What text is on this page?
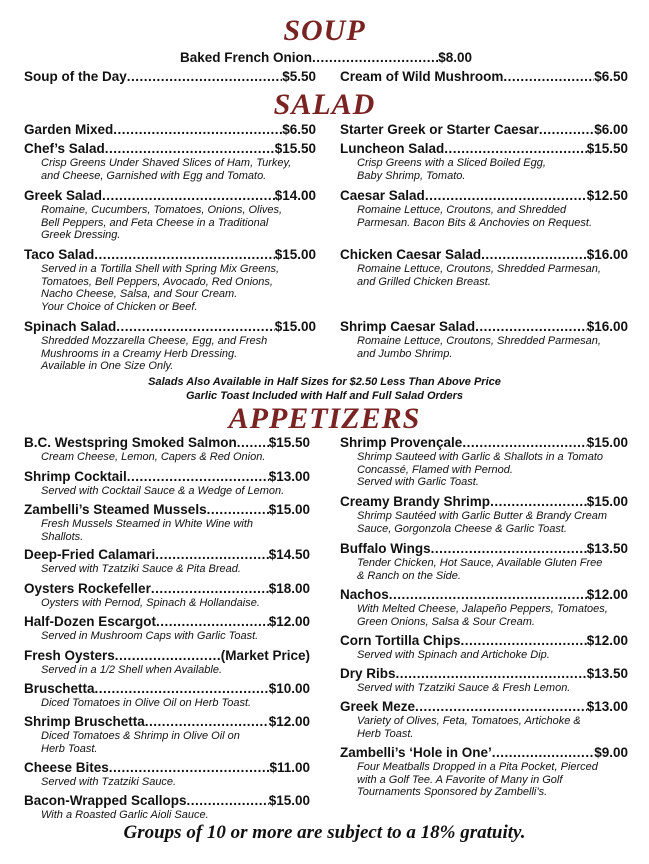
SOUP
Baked French Onion .....	$8.00
Soup of the Day .....	$5.50 Cream of Wild Mushroom .....	$6.50
SALAD
Garden Mixed .....	$6.50
Chef’s Salad .....	$15.50
Crisp Greens Under Shaved Slices of Ham, Turkey,
and Cheese, Garnished with Egg and Tomato.
Greek Salad .....	$14.00
Romaine, Cucumbers, Tomatoes, Onions, Olives,
Bell Peppers, and Feta Cheese in a Traditional
Greek Dressing.
Taco Salad .....	$15.00
Served in a Tortilla Shell with Spring Mix Greens,
Tomatoes, Bell Peppers, Avocado, Red Onions,
Nacho Cheese, Salsa, and Sour Cream.
Your Choice of Chicken or Beef.
Spinach Salad .....	$15.00
Shredded Mozzarella Cheese, Egg, and Fresh
Mushrooms in a Creamy Herb Dressing.
Available in One Size Only.
Starter Greek or Starter Caesar .....	$6.00
Luncheon Salad .....	$15.50
Crisp Greens with a Sliced Boiled Egg,
Baby Shrimp, Tomato.
Caesar Salad .....	$12.50
Romaine Lettuce, Croutons, and Shredded
Parmesan. Bacon Bits & Anchovies on Request.
Chicken Caesar Salad .....	$16.00
Romaine Lettuce, Croutons, Shredded Parmesan,
and Grilled Chicken Breast.
Shrimp Caesar Salad .....	$16.00
Romaine Lettuce, Croutons, Shredded Parmesan,
and Jumbo Shrimp.
Salads Also Available in Half Sizes for $2.50 Less Than Above Price
Garlic Toast Included with Half and Full Salad Orders
APPETIZERS
B.C. Westspring Smoked Salmon ..... $15.50
Cream Cheese, Lemon, Capers & Red Onion.
Shrimp Cocktail .....	$13.00
Served with Cocktail Sauce & a Wedge of Lemon.
Zambelli’s Steamed Mussels .....	$15.00
Fresh Mussels Steamed in White Wine with
Shallots.
Deep-Fried Calamari .....	$14.50
Served with Tzatziki Sauce & Pita Bread.
Oysters Rockefeller .....	$18.00
Oysters with Pernod, Spinach & Hollandaise.
Half-Dozen Escargot .....	$12.00
Served in Mushroom Caps with Garlic Toast.
Fresh Oysters .....	(Market Price)
Served in a 1/2 Shell when Available.
Bruschetta .....	$10.00
Diced Tomatoes in Olive Oil on Herb Toast.
Shrimp Bruschetta .....	$12.00
Diced Tomatoes & Shrimp in Olive Oil on
Herb Toast.
Cheese Bites .....	$11.00
Served with Tzatziki Sauce.
Bacon-Wrapped Scallops .....	$15.00
With a Roasted Garlic Aioli Sauce.
Shrimp Provençale .....	$15.00
Shrimp Sauteed with Garlic & Shallots in a Tomato
Concassé, Flamed with Pernod.
Served with Garlic Toast.
Creamy Brandy Shrimp .....	$15.00
Shrimp Sautéed with Garlic Butter & Brandy Cream
Sauce, Gorgonzola Cheese & Garlic Toast.
Buffalo Wings .....	$13.50
Tender Chicken, Hot Sauce, Available Gluten Free
& Ranch on the Side.
Nachos .....	$12.00
With Melted Cheese, Jalapeño Peppers, Tomatoes,
Green Onions, Salsa & Sour Cream.
Corn Tortilla Chips .....	$12.00
Served with Spinach and Artichoke Dip.
Dry Ribs .....	$13.50
Served with Tzatziki Sauce & Fresh Lemon.
Greek Meze .....	$13.00
Variety of Olives, Feta, Tomatoes, Artichoke &
Herb Toast.
Zambelli’s ‘Hole in One’ .....	$9.00
Four Meatballs Dropped in a Pita Pocket, Pierced
with a Golf Tee. A Favorite of Many in Golf
Tournaments Sponsored by Zambelli’s.
Groups of 10 or more are subject to a 18% gratuity.
